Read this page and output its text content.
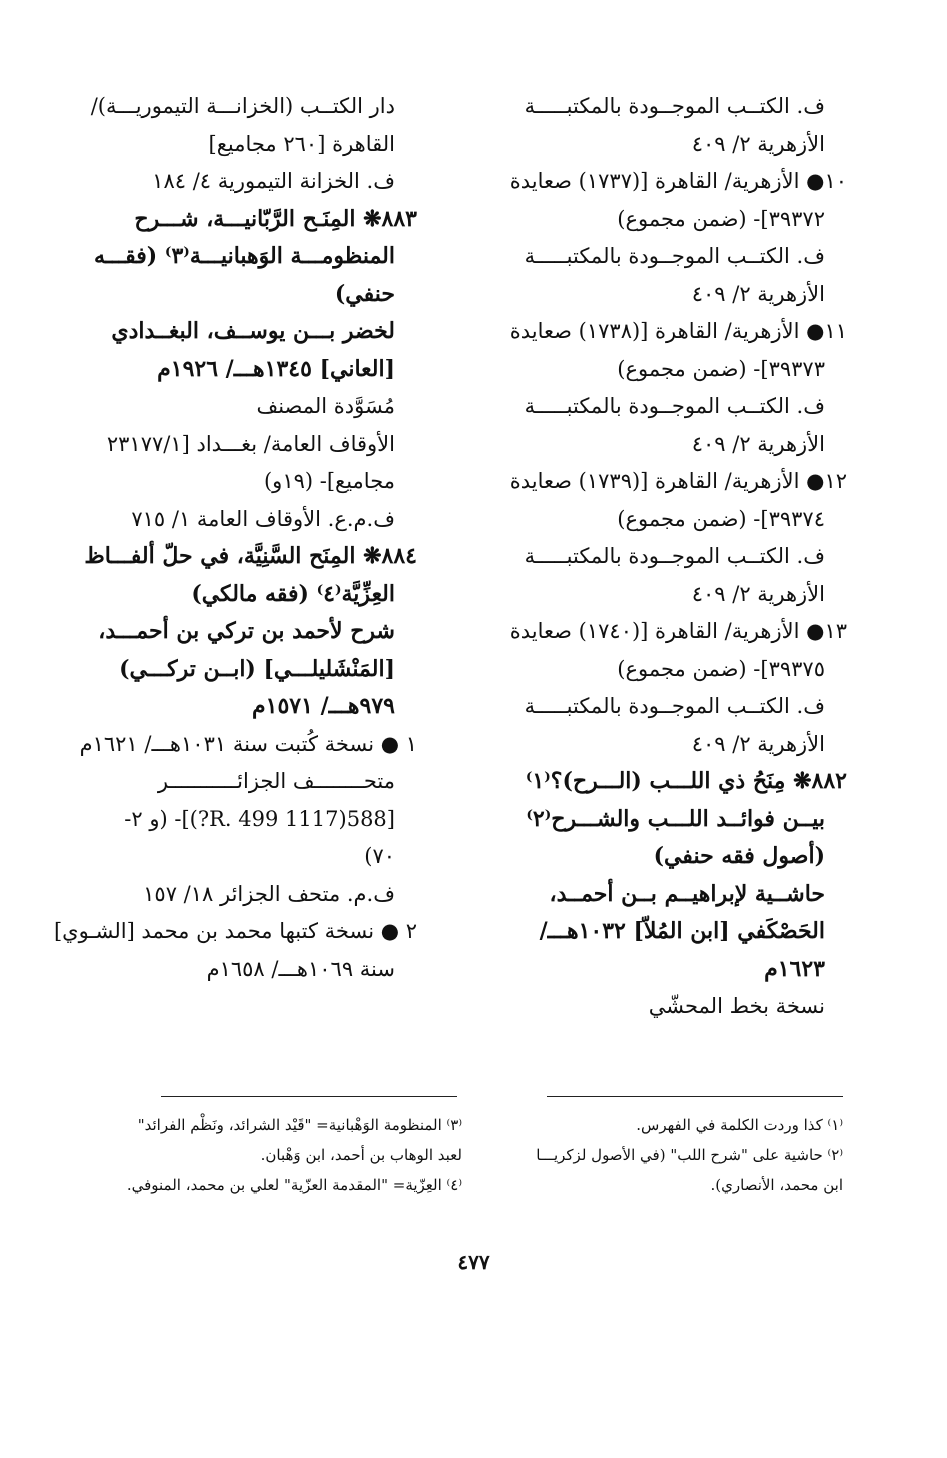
ف. الكتــب الموجــودة بالمكتبـــــة
الأزهرية ٢/ ٤٠٩
١٠● الأزهرية/ القاهرة [(١٧٣٧) صعايدة
٣٩٣٧٢]- (ضمن مجموع)
ف. الكتــب الموجــودة بالمكتبـــــة
الأزهرية ٢/ ٤٠٩
١١● الأزهرية/ القاهرة [(١٧٣٨) صعايدة
٣٩٣٧٣]- (ضمن مجموع)
ف. الكتــب الموجــودة بالمكتبـــــة
الأزهرية ٢/ ٤٠٩
١٢● الأزهرية/ القاهرة [(١٧٣٩) صعايدة
٣٩٣٧٤]- (ضمن مجموع)
ف. الكتــب الموجــودة بالمكتبـــــة
الأزهرية ٢/ ٤٠٩
١٣● الأزهرية/ القاهرة [(١٧٤٠) صعايدة
٣٩٣٧٥]- (ضمن مجموع)
ف. الكتــب الموجــودة بالمكتبـــــة
الأزهرية ٢/ ٤٠٩
٨٨٢❋ مِنَحُ ذي اللـــب (الـــرح)؟⁽١⁾
بيــن فوائــد اللـــب والشـــرح⁽٢⁾
(أصول فقه حنفي)
حاشــية لإبراهيــم بــن أحمــد،
الحَصْكَفي [ابن المُلاّ] ١٠٣٢هـــ/
١٦٢٣م
نسخة بخط المحشّي
دار الكتــب (الخزانـــة التيموريـــة)/
القاهرة [٢٦٠ مجاميع]
ف. الخزانة التيمورية ٤/ ١٨٤
٨٨٣❋ المِنَـح الرَّبّانيـــة، شـــرح
المنظومـــة الوَهبانيـــة⁽٣⁾ (فقـــه
حنفي)
لخضر بـــن يوســف، البغــدادي
[العاني] ١٣٤٥هـــ/ ١٩٢٦م
مُسَوَّدة المصنف
الأوقاف العامة/ بغـــداد [٢٣١٧٧/١
مجاميع]- (١٩و)
ف.م.ع. الأوقاف العامة ١/ ٧١٥
٨٨٤❋ المِنَح السَّنِيَّة، في حلّ ألفـــاظ
العِزِّيَّة⁽٤⁾ (فقه مالكي)
شرح لأحمد بن تركي بن أحمـــد،
[المَنْشَليلـــي] (ابــن تركـــي)
٩٧٩هـــ/ ١٥٧١م
١ ● نسخة كُتبت سنة ١٠٣١هـــ/ ١٦٢١م
متحــــــــف الجزائـــــــــــر
[588(1117 R. 499?)]- (و ٢-
٧٠)
ف.م. متحف الجزائر ١٨/ ١٥٧
٢ ● نسخة كتبها محمد بن محمد [الشـوي]
سنة ١٠٦٩هـــ/ ١٦٥٨م
⁽١⁾ كذا وردت الكلمة في الفهرس.
⁽٢⁾ حاشية على "شرح اللب" (في الأصول لزكريـــا
ابن محمد، الأنصاري).
⁽٣⁾ المنظومة الوَهْبانية= "قَيْد الشرائد، ونَظْم الفرائد"
لعبد الوهاب بن أحمد، ابن وَهْبان.
⁽٤⁾ العِزّية= "المقدمة العزّية" لعلي بن محمد، المنوفي.
٤٧٧
